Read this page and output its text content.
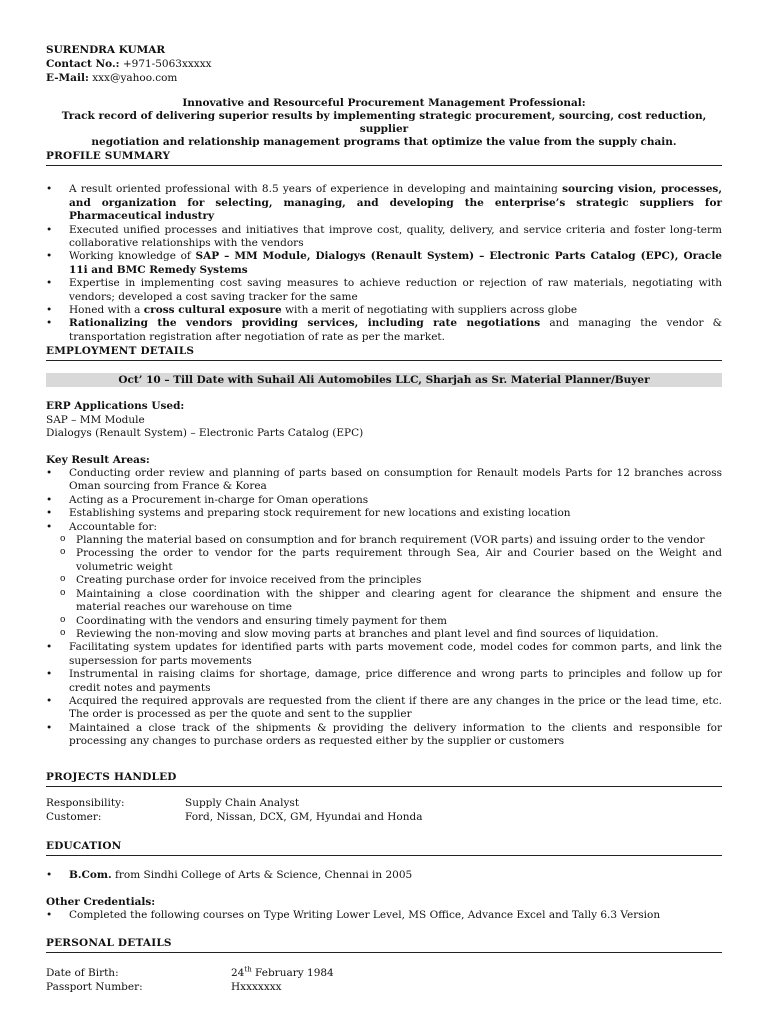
SURENDRA KUMAR
Contact No.: +971-5063xxxxx
E-Mail: xxx@yahoo.com
Innovative and Resourceful Procurement Management Professional:
Track record of delivering superior results by implementing strategic procurement, sourcing, cost reduction, supplier
negotiation and relationship management programs that optimize the value from the supply chain.
PROFILE SUMMARY
• A result oriented professional with 8.5 years of experience in developing and maintaining sourcing vision, processes, and organization for selecting, managing, and developing the enterprise’s strategic suppliers for Pharmaceutical industry
• Executed unified processes and initiatives that improve cost, quality, delivery, and service criteria and foster long-term collaborative relationships with the vendors
• Working knowledge of SAP – MM Module, Dialogys (Renault System) – Electronic Parts Catalog (EPC), Oracle 11i and BMC Remedy Systems
• Expertise in implementing cost saving measures to achieve reduction or rejection of raw materials, negotiating with vendors; developed a cost saving tracker for the same
• Honed with a cross cultural exposure with a merit of negotiating with suppliers across globe
• Rationalizing the vendors providing services, including rate negotiations and managing the vendor & transportation registration after negotiation of rate as per the market.
EMPLOYMENT DETAILS
Oct’ 10 – Till Date with Suhail Ali Automobiles LLC, Sharjah as Sr. Material Planner/Buyer
ERP Applications Used:
SAP – MM Module
Dialogys (Renault System) – Electronic Parts Catalog (EPC)
Key Result Areas:
• Conducting order review and planning of parts based on consumption for Renault models Parts for 12 branches across Oman sourcing from France & Korea
• Acting as a Procurement in-charge for Oman operations
• Establishing systems and preparing stock requirement for new locations and existing location
• Accountable for:
o Planning the material based on consumption and for branch requirement (VOR parts) and issuing order to the vendor
o Processing the order to vendor for the parts requirement through Sea, Air and Courier based on the Weight and volumetric weight
o Creating purchase order for invoice received from the principles
o Maintaining a close coordination with the shipper and clearing agent for clearance the shipment and ensure the material reaches our warehouse on time
o Coordinating with the vendors and ensuring timely payment for them
o Reviewing the non-moving and slow moving parts at branches and plant level and find sources of liquidation.
• Facilitating system updates for identified parts with parts movement code, model codes for common parts, and link the supersession for parts movements
• Instrumental in raising claims for shortage, damage, price difference and wrong parts to principles and follow up for credit notes and payments
• Acquired the required approvals are requested from the client if there are any changes in the price or the lead time, etc. The order is processed as per the quote and sent to the supplier
• Maintained a close track of the shipments & providing the delivery information to the clients and responsible for processing any changes to purchase orders as requested either by the supplier or customers
PROJECTS HANDLED
Responsibility:	Supply Chain Analyst
Customer:	Ford, Nissan, DCX, GM, Hyundai and Honda
EDUCATION
• B.Com. from Sindhi College of Arts & Science, Chennai in 2005
Other Credentials:
• Completed the following courses on Type Writing Lower Level, MS Office, Advance Excel and Tally 6.3 Version
PERSONAL DETAILS
Date of Birth:	24th February 1984
Passport Number:	Hxxxxxxx
